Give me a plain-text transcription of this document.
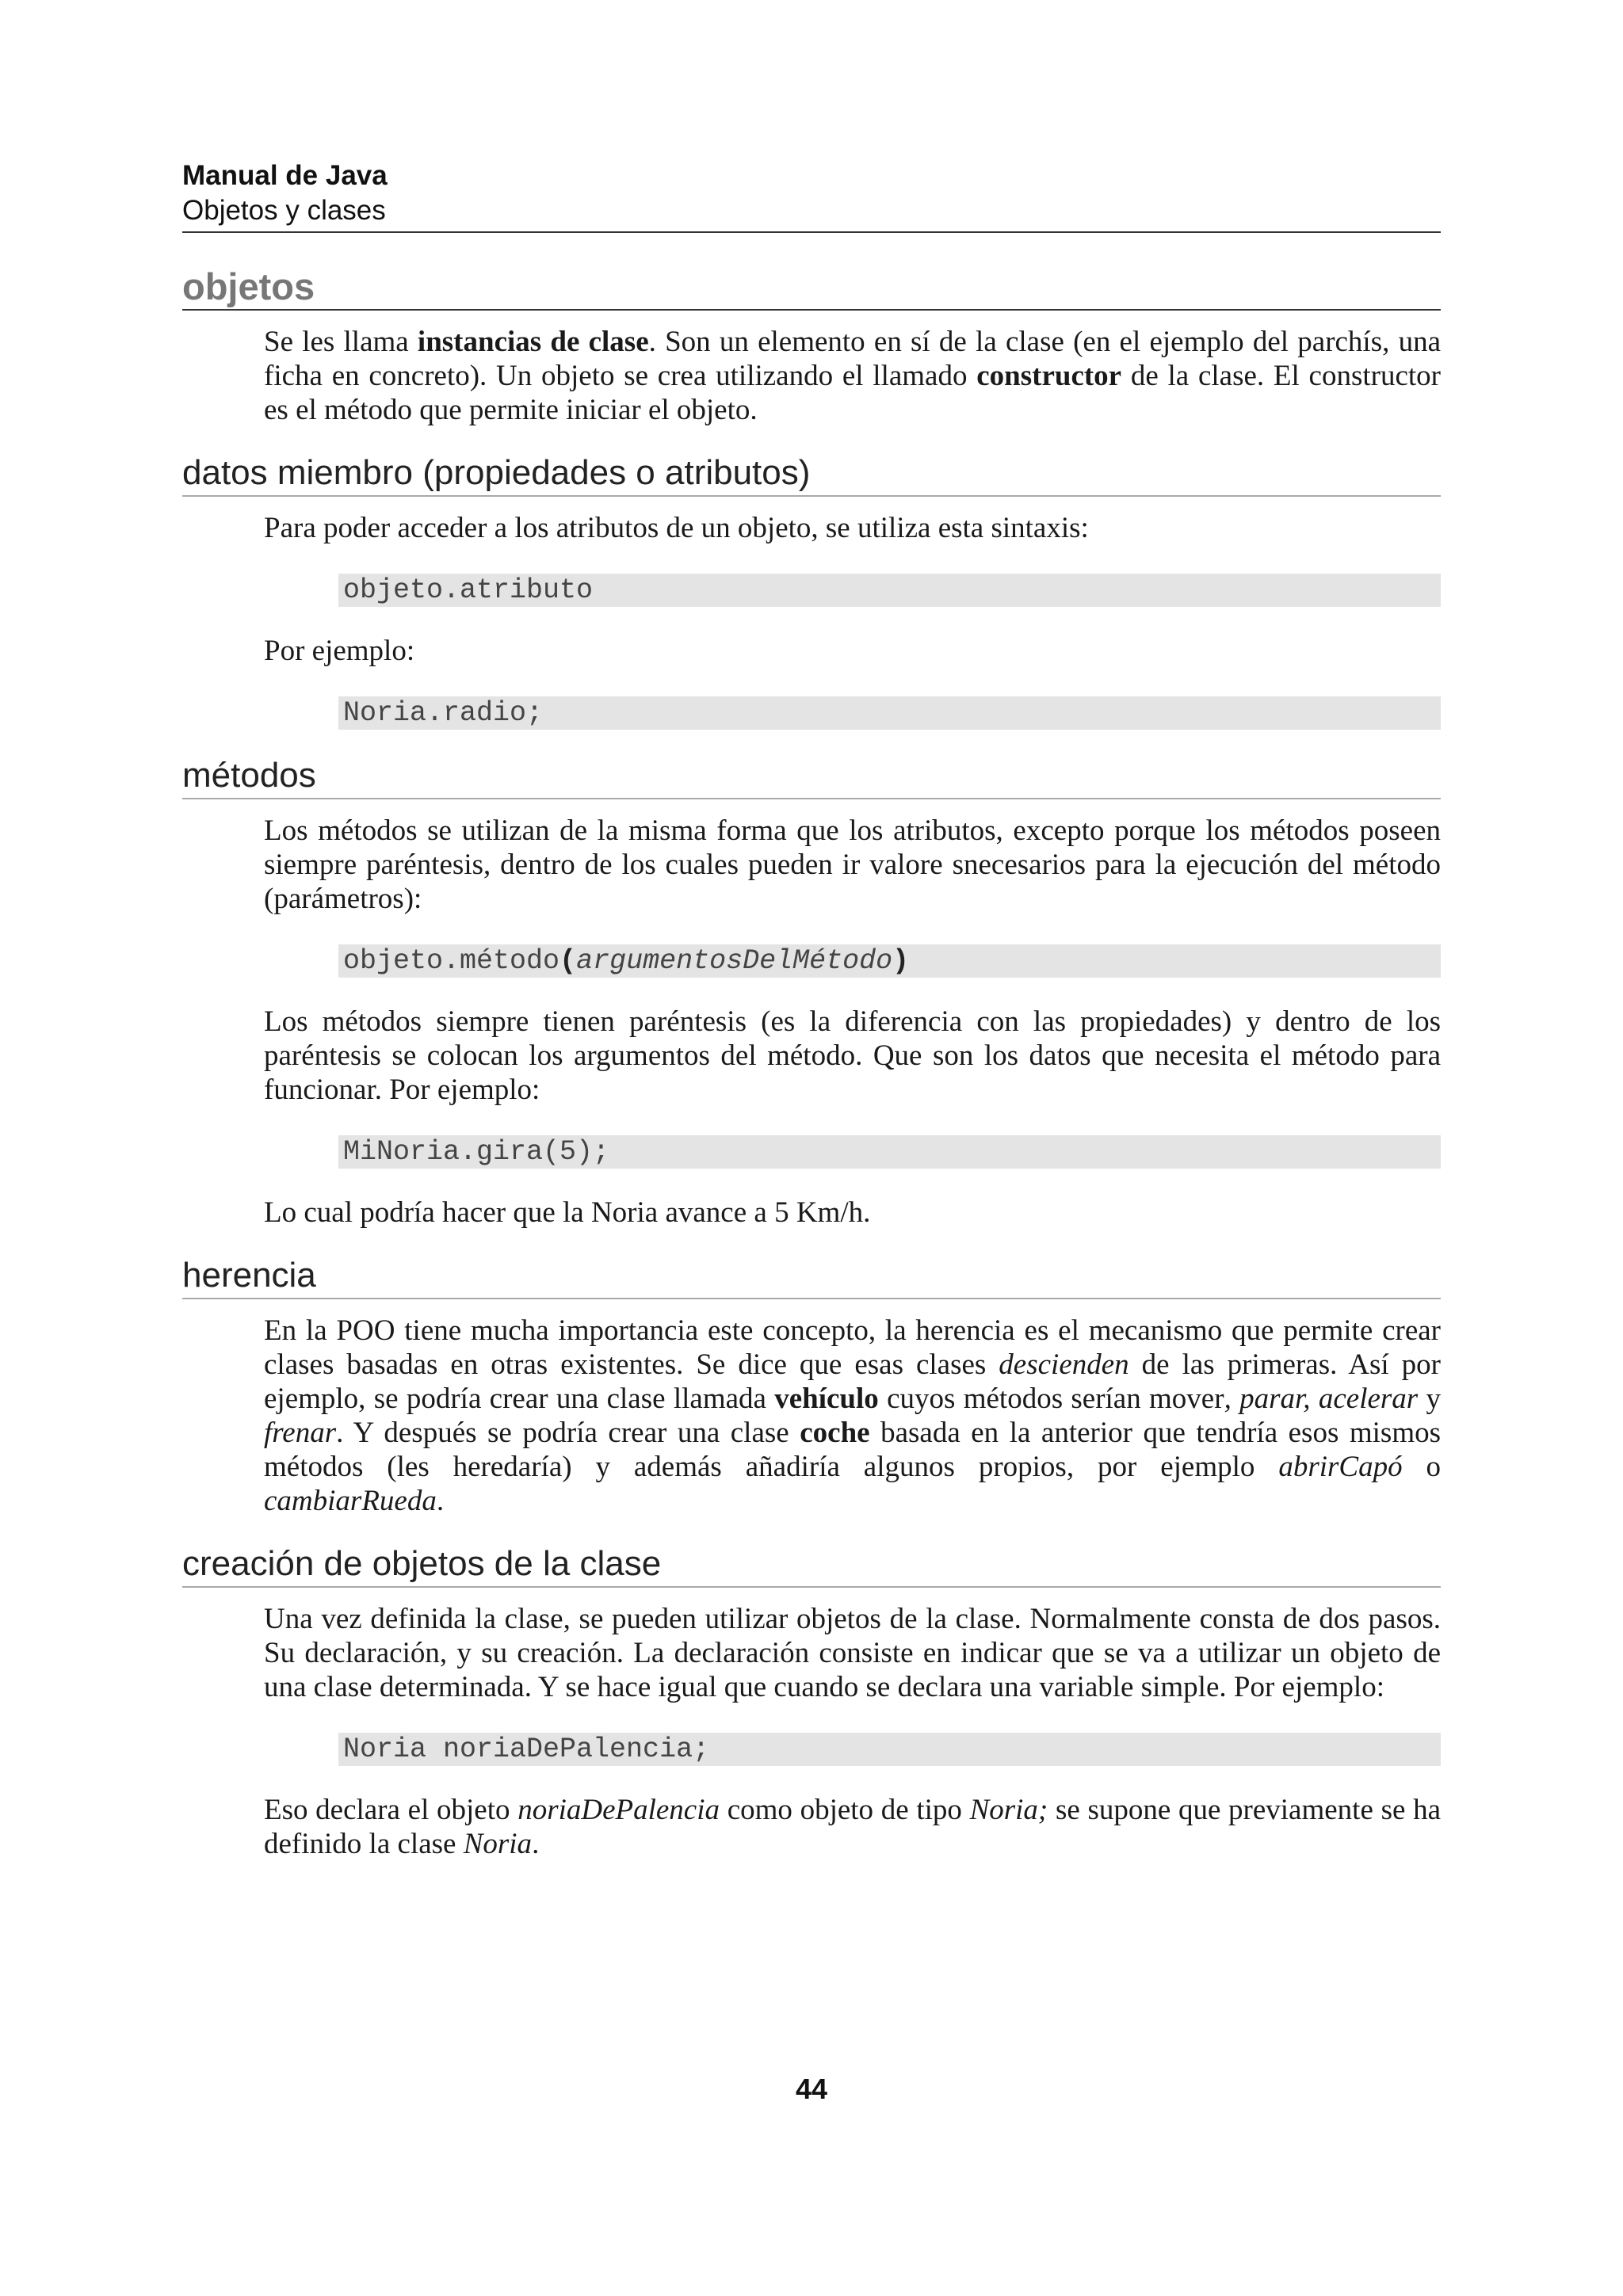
Manual de Java
Objetos y clases
objetos

Se les llama instancias de clase. Son un elemento en sí de la clase (en el ejemplo del parchís, una ficha en concreto). Un objeto se crea utilizando el llamado constructor de la clase. El constructor es el método que permite iniciar el objeto.

datos miembro (propiedades o atributos)

Para poder acceder a los atributos de un objeto, se utiliza esta sintaxis:

objeto.atributo

Por ejemplo:

Noria.radio;
métodos

Los métodos se utilizan de la misma forma que los atributos, excepto porque los métodos poseen siempre paréntesis, dentro de los cuales pueden ir valore snecesarios para la ejecución del método (parámetros):

objeto.método(argumentosDelMétodo)

Los métodos siempre tienen paréntesis (es la diferencia con las propiedades) y dentro de los paréntesis se colocan los argumentos del método. Que son los datos que necesita el método para funcionar. Por ejemplo:

MiNoria.gira(5);

Lo cual podría hacer que la Noria avance a 5 Km/h.

herencia

En la POO tiene mucha importancia este concepto, la herencia es el mecanismo que permite crear clases basadas en otras existentes. Se dice que esas clases descienden de las primeras. Así por ejemplo, se podría crear una clase llamada vehículo cuyos métodos serían mover, parar, acelerar y frenar. Y después se podría crear una clase coche basada en la anterior que tendría esos mismos métodos (les heredaría) y además añadiría algunos propios, por ejemplo abrirCapó o cambiarRueda.

creación de objetos de la clase

Una vez definida la clase, se pueden utilizar objetos de la clase. Normalmente consta de dos pasos. Su declaración, y su creación. La declaración consiste en indicar que se va a utilizar un objeto de una clase determinada. Y se hace igual que cuando se declara una variable simple. Por ejemplo:

Noria noriaDePalencia;

Eso declara el objeto noriaDePalencia como objeto de tipo Noria; se supone que previamente se ha definido la clase Noria.

44
